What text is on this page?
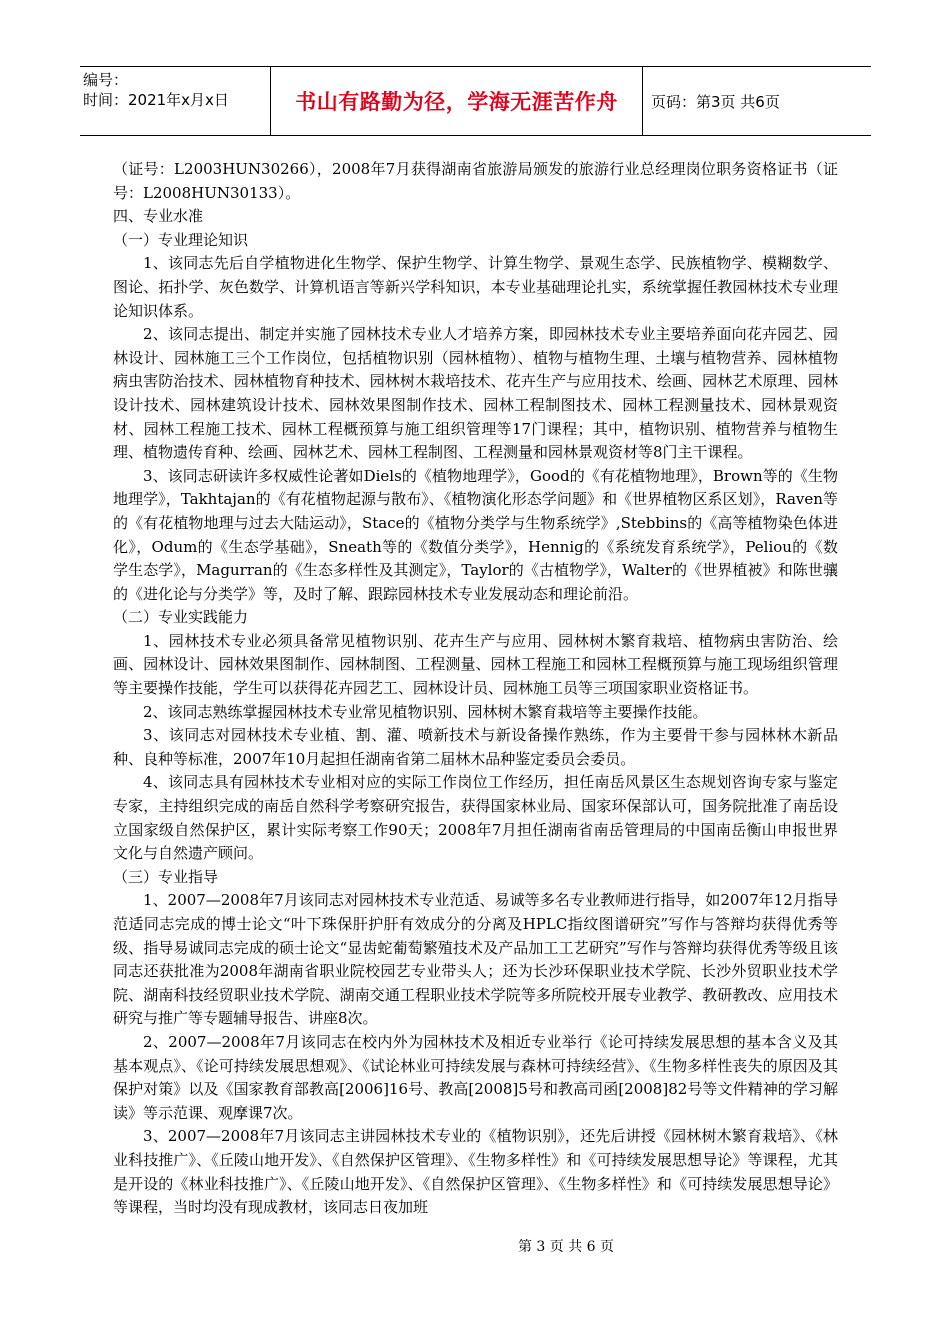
编号：
时间：2021年x月x日	书山有路勤为径，学海无涯苦作舟 页码：第3页 共6页

（证号：L2003HUN30266），2008年7月获得湖南省旅游局颁发的旅游行业总经理岗位职务资格证书（证号：L2008HUN30133）。

四、专业水准

（一）专业理论知识

1、该同志先后自学植物进化生物学、保护生物学、计算生物学、景观生态学、民族植物学、模糊数学、图论、拓扑学、灰色数学、计算机语言等新兴学科知识，本专业基础理论扎实，系统掌握任教园林技术专业理论知识体系。

2、该同志提出、制定并实施了园林技术专业人才培养方案，即园林技术专业主要培养面向花卉园艺、园林设计、园林施工三个工作岗位，包括植物识别（园林植物）、植物与植物生理、土壤与植物营养、园林植物病虫害防治技术、园林植物育种技术、园林树木栽培技术、花卉生产与应用技术、绘画、园林艺术原理、园林设计技术、园林建筑设计技术、园林效果图制作技术、园林工程制图技术、园林工程测量技术、园林景观资材、园林工程施工技术、园林工程概预算与施工组织管理等17门课程；其中，植物识别、植物营养与植物生理、植物遗传育种、绘画、园林艺术、园林工程制图、工程测量和园林景观资材等8门主干课程。

3、该同志研读许多权威性论著如Diels的《植物地理学》，Good的《有花植物地理》，Brown等的《生物地理学》，Takhtajan的《有花植物起源与散布》、《植物演化形态学问题》和《世界植物区系区划》，Raven等的《有花植物地理与过去大陆运动》，Stace的《植物分类学与生物系统学》,Stebbins的《高等植物染色体进化》，Odum的《生态学基础》，Sneath等的《数值分类学》，Hennig的《系统发育系统学》，Peliou的《数学生态学》，Magurran的《生态多样性及其测定》，Taylor的《古植物学》，Walter的《世界植被》和陈世骧的《进化论与分类学》等，及时了解、跟踪园林技术专业发展动态和理论前沿。

（二）专业实践能力

1、园林技术专业必须具备常见植物识别、花卉生产与应用、园林树木繁育栽培、植物病虫害防治、绘画、园林设计、园林效果图制作、园林制图、工程测量、园林工程施工和园林工程概预算与施工现场组织管理等主要操作技能，学生可以获得花卉园艺工、园林设计员、园林施工员等三项国家职业资格证书。

2、该同志熟练掌握园林技术专业常见植物识别、园林树木繁育栽培等主要操作技能。

3、该同志对园林技术专业植、割、灌、喷新技术与新设备操作熟练，作为主要骨干参与园林林木新品种、良种等标准，2007年10月起担任湖南省第二届林木品种鉴定委员会委员。

4、该同志具有园林技术专业相对应的实际工作岗位工作经历，担任南岳风景区生态规划咨询专家与鉴定专家，主持组织完成的南岳自然科学考察研究报告，获得国家林业局、国家环保部认可，国务院批准了南岳设立国家级自然保护区，累计实际考察工作90天；2008年7月担任湖南省南岳管理局的中国南岳衡山申报世界文化与自然遗产顾问。

（三）专业指导

1、2007—2008年7月该同志对园林技术专业范适、易诚等多名专业教师进行指导，如2007年12月指导范适同志完成的博士论文“叶下珠保肝护肝有效成分的分离及HPLC指纹图谱研究”写作与答辩均获得优秀等级、指导易诚同志完成的硕士论文“显齿蛇葡萄繁殖技术及产品加工工艺研究”写作与答辩均获得优秀等级且该同志还获批准为2008年湖南省职业院校园艺专业带头人；还为长沙环保职业技术学院、长沙外贸职业技术学院、湖南科技经贸职业技术学院、湖南交通工程职业技术学院等多所院校开展专业教学、教研教改、应用技术研究与推广等专题辅导报告、讲座8次。

2、2007—2008年7月该同志在校内外为园林技术及相近专业举行《论可持续发展思想的基本含义及其基本观点》、《论可持续发展思想观》、《试论林业可持续发展与森林可持续经营》、《生物多样性丧失的原因及其保护对策》以及《国家教育部教高[2006]16号、教高[2008]5号和教高司函[2008]82号等文件精神的学习解读》等示范课、观摩课7次。

3、2007—2008年7月该同志主讲园林技术专业的《植物识别》，还先后讲授《园林树木繁育栽培》、《林业科技推广》、《丘陵山地开发》、《自然保护区管理》、《生物多样性》和《可持续发展思想导论》等课程，尤其是开设的《林业科技推广》、《丘陵山地开发》、《自然保护区管理》、《生物多样性》和《可持续发展思想导论》等课程，当时均没有现成教材，该同志日夜加班

第 3 页 共 6 页
